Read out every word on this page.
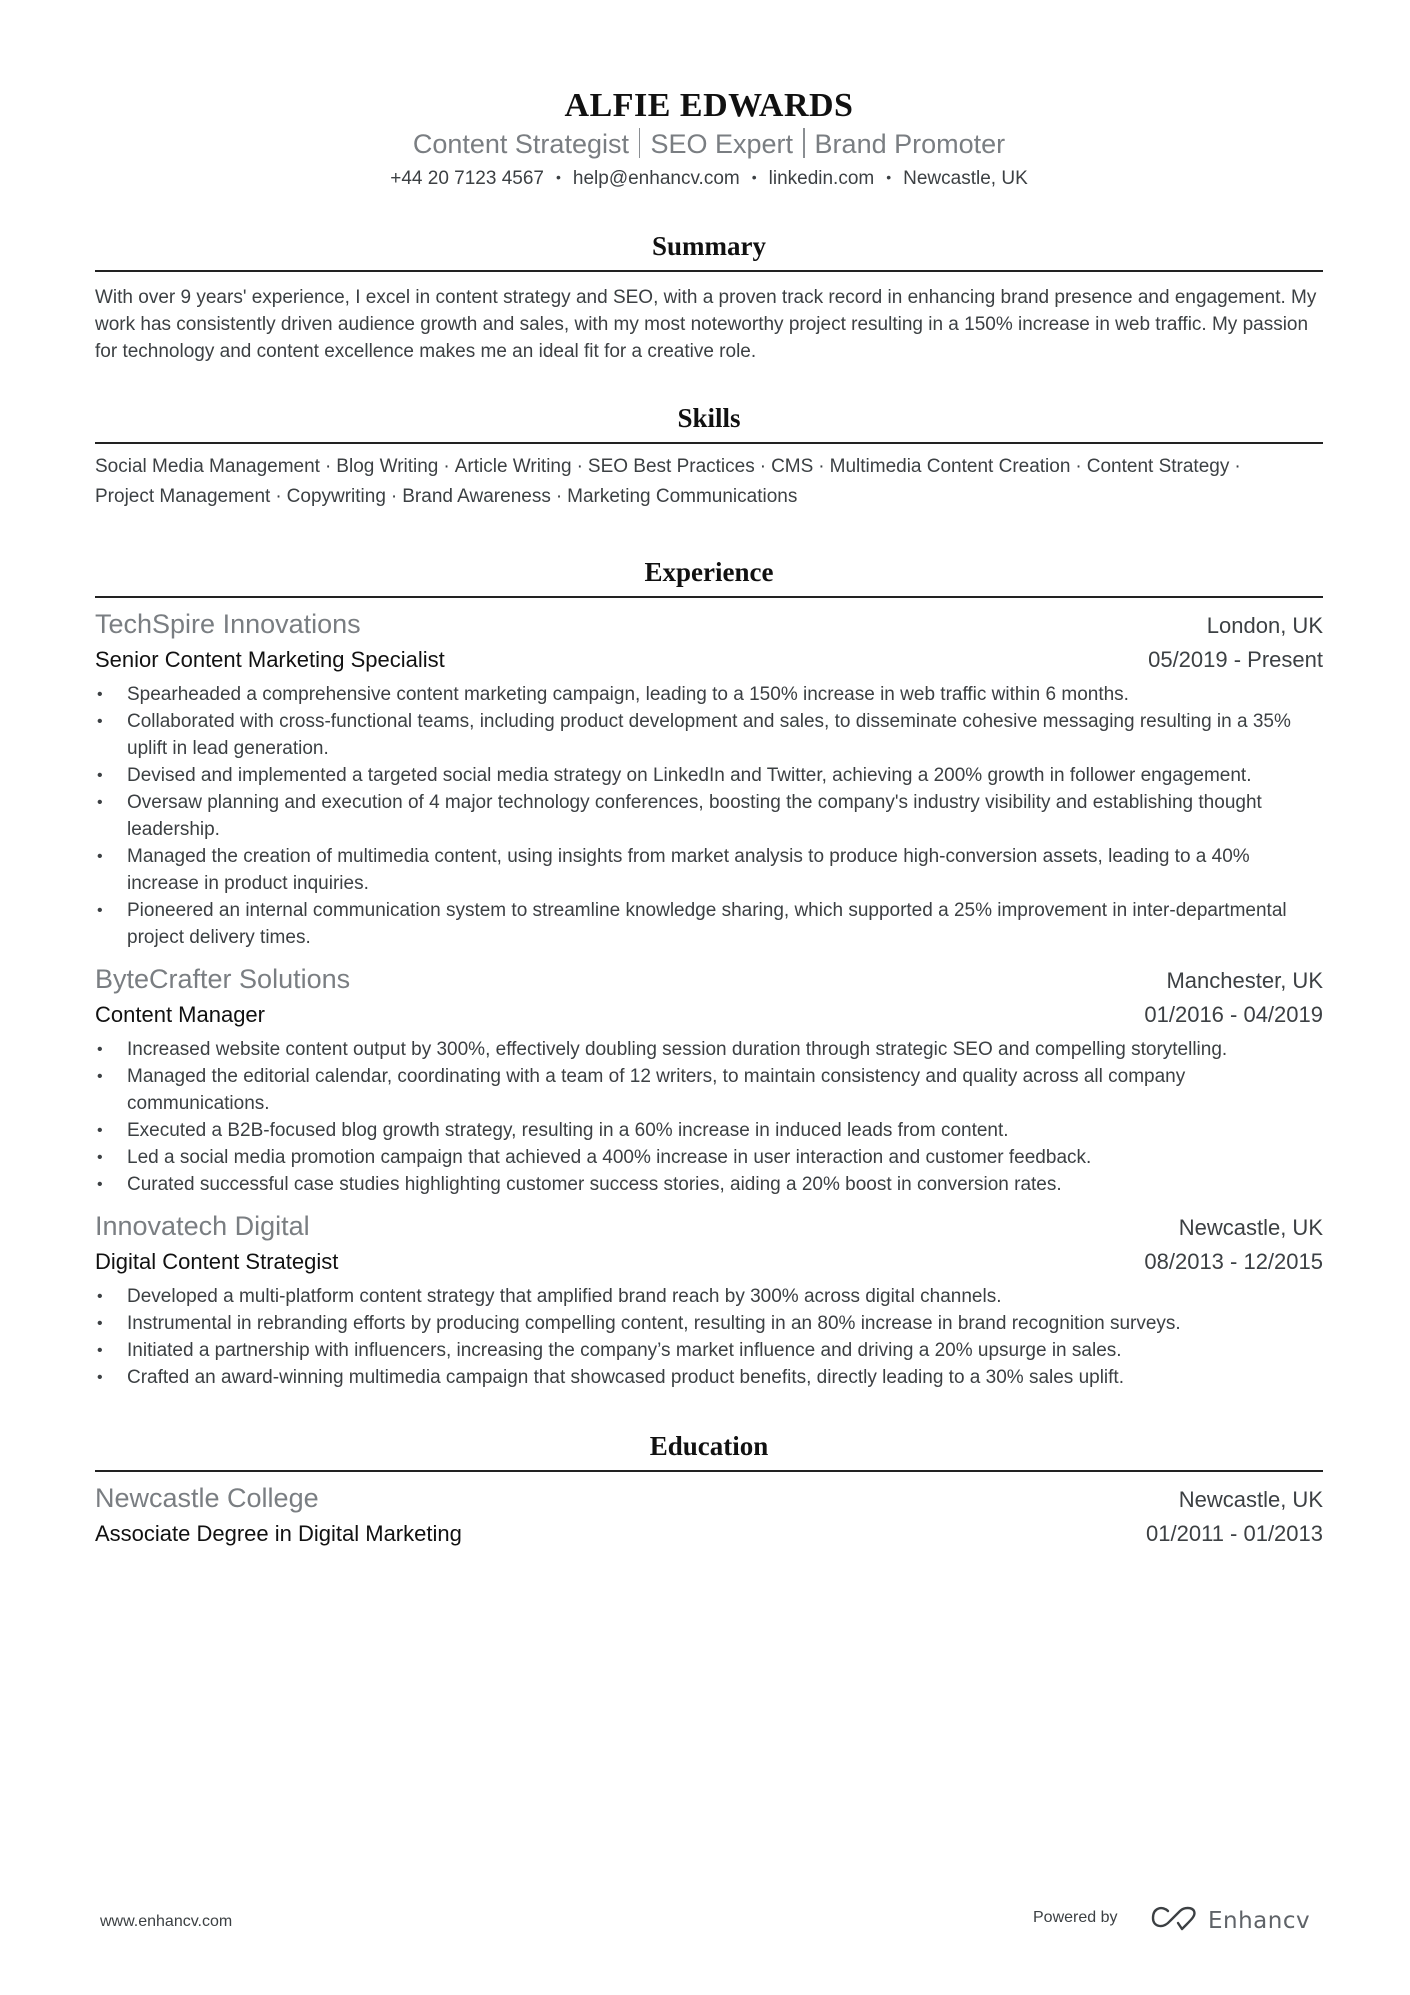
ALFIE EDWARDS
Content Strategist SEO Expert Brand Promoter
+44 20 7123 4567 • help@enhancv.com • linkedin.com • Newcastle, UK
Summary

With over 9 years' experience, I excel in content strategy and SEO, with a proven track record in enhancing brand presence and engagement. My work has consistently driven audience growth and sales, with my most noteworthy project resulting in a 150% increase in web traffic. My passion for technology and content excellence makes me an ideal fit for a creative role.

Skills

Social Media Management · Blog Writing · Article Writing · SEO Best Practices · CMS · Multimedia Content Creation · Content Strategy ·
Project Management · Copywriting · Brand Awareness · Marketing Communications

Experience
TechSpire Innovations	London, UK
Senior Content Marketing Specialist	05/2019 - Present
• Spearheaded a comprehensive content marketing campaign, leading to a 150% increase in web traffic within 6 months.
• Collaborated with cross-functional teams, including product development and sales, to disseminate cohesive messaging resulting in a 35% uplift in lead generation.
• Devised and implemented a targeted social media strategy on LinkedIn and Twitter, achieving a 200% growth in follower engagement.
• Oversaw planning and execution of 4 major technology conferences, boosting the company's industry visibility and establishing thought leadership.
• Managed the creation of multimedia content, using insights from market analysis to produce high-conversion assets, leading to a 40% increase in product inquiries.
• Pioneered an internal communication system to streamline knowledge sharing, which supported a 25% improvement in inter-departmental project delivery times.
ByteCrafter Solutions	Manchester, UK
Content Manager	01/2016 - 04/2019
• Increased website content output by 300%, effectively doubling session duration through strategic SEO and compelling storytelling.
• Managed the editorial calendar, coordinating with a team of 12 writers, to maintain consistency and quality across all company communications.
• Executed a B2B-focused blog growth strategy, resulting in a 60% increase in induced leads from content.
• Led a social media promotion campaign that achieved a 400% increase in user interaction and customer feedback.
• Curated successful case studies highlighting customer success stories, aiding a 20% boost in conversion rates.
Innovatech Digital	Newcastle, UK
Digital Content Strategist	08/2013 - 12/2015
• Developed a multi-platform content strategy that amplified brand reach by 300% across digital channels.
• Instrumental in rebranding efforts by producing compelling content, resulting in an 80% increase in brand recognition surveys.
• Initiated a partnership with influencers, increasing the company’s market influence and driving a 20% upsurge in sales.
• Crafted an award-winning multimedia campaign that showcased product benefits, directly leading to a 30% sales uplift.
Education
Newcastle College	Newcastle, UK
Associate Degree in Digital Marketing	01/2011 - 01/2013
www.enhancv.com	Powered by	Enhancv
